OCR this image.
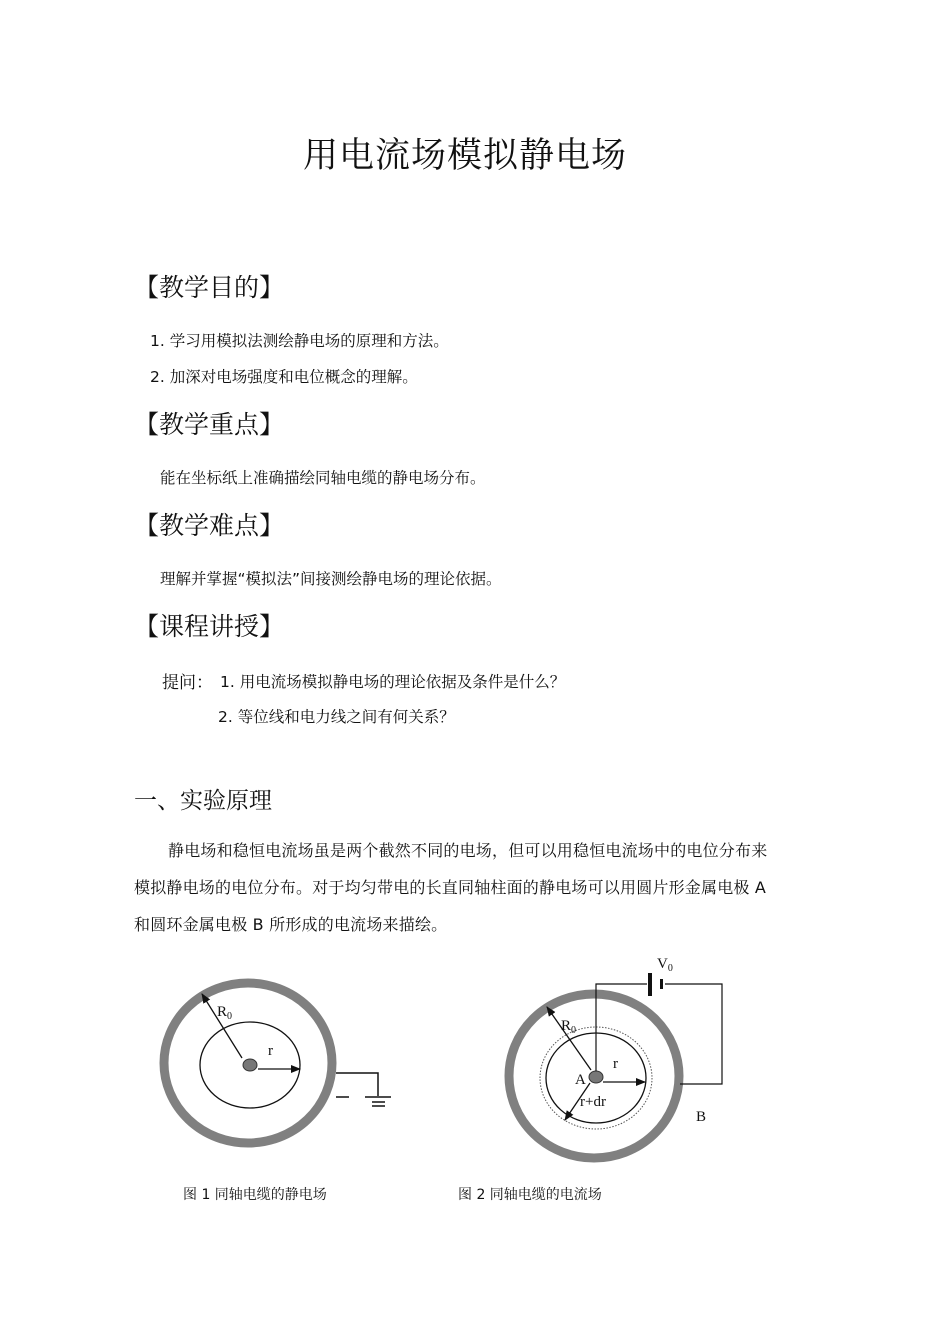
用电流场模拟静电场
【教学目的】
1. 学习用模拟法测绘静电场的原理和方法。
2. 加深对电场强度和电位概念的理解。
【教学重点】
能在坐标纸上准确描绘同轴电缆的静电场分布。
【教学难点】
理解并掌握“模拟法”间接测绘静电场的理论依据。
【课程讲授】
提问： 1. 用电流场模拟静电场的理论依据及条件是什么？
2. 等位线和电力线之间有何关系？
一、实验原理
静电场和稳恒电流场虽是两个截然不同的电场，但可以用稳恒电流场中的电位分布来
模拟静电场的电位分布。对于均匀带电的长直同轴柱面的静电场可以用圆片形金属电极 A
和圆环金属电极 B 所形成的电流场来描绘。
$R_0$
r
图 1 同轴电缆的静电场
$V_0$
$R_0$
r
A
r+dr
B
图 2 同轴电缆的电流场
